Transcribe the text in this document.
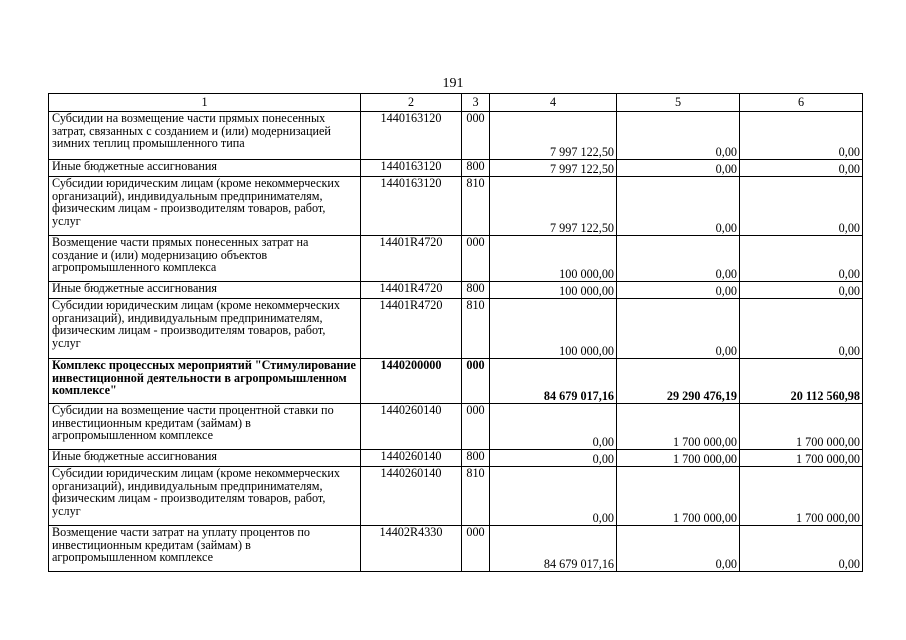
191
1	2	3	4	5	6
Субсидии на возмещение части прямых понесенных затрат, связанных с созданием и (или) модернизацией зимних теплиц промышленного типа	1440163120	000	7 997 122,50	0,00	0,00
Иные бюджетные ассигнования	1440163120	800	7 997 122,50	0,00	0,00
Субсидии юридическим лицам (кроме некоммерческих организаций), индивидуальным предпринимателям, физическим лицам - производителям товаров, работ, услуг	1440163120	810	7 997 122,50	0,00	0,00
Возмещение части прямых понесенных затрат на создание и (или) модернизацию объектов агропромышленного комплекса	14401R4720	000	100 000,00	0,00	0,00
Иные бюджетные ассигнования	14401R4720	800	100 000,00	0,00	0,00
Субсидии юридическим лицам (кроме некоммерческих организаций), индивидуальным предпринимателям, физическим лицам - производителям товаров, работ, услуг	14401R4720	810	100 000,00	0,00	0,00
Комплекс процессных мероприятий "Стимулирование инвестиционной деятельности в агропромышленном комплексе"	1440200000	000	84 679 017,16	29 290 476,19	20 112 560,98
Субсидии на возмещение части процентной ставки по инвестиционным кредитам (займам) в агропромышленном комплексе	1440260140	000	0,00	1 700 000,00	1 700 000,00
Иные бюджетные ассигнования	1440260140	800	0,00	1 700 000,00	1 700 000,00
Субсидии юридическим лицам (кроме некоммерческих организаций), индивидуальным предпринимателям, физическим лицам - производителям товаров, работ, услуг	1440260140	810	0,00	1 700 000,00	1 700 000,00
Возмещение части затрат на уплату процентов по инвестиционным кредитам (займам) в агропромышленном комплексе	14402R4330	000	84 679 017,16	0,00	0,00
